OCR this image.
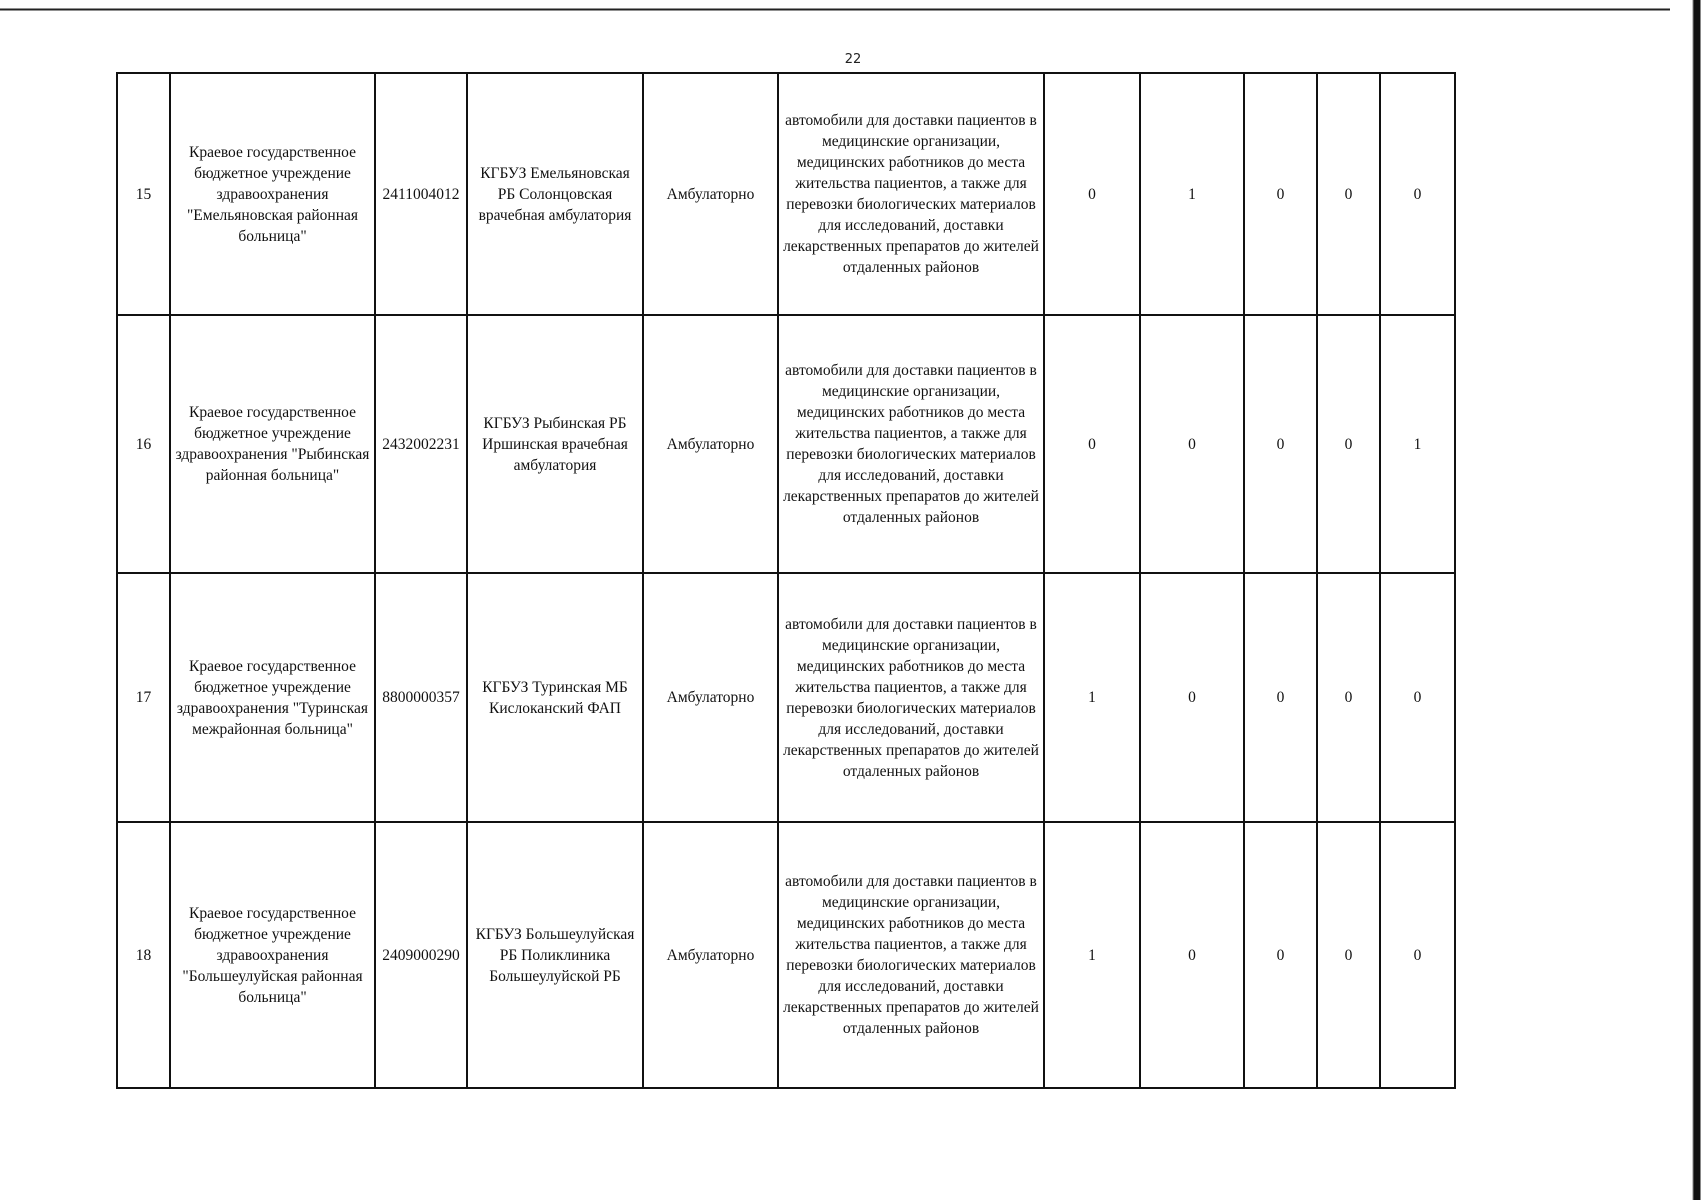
22
15	Краевое государственное бюджетное учреждение здравоохранения "Емельяновская районная больница"	2411004012	КГБУЗ Емельяновская РБ Солонцовская врачебная амбулатория	Амбулаторно	автомобили для доставки пациентов в медицинские организации, медицинских работников до места жительства пациентов, а также для перевозки биологических материалов для исследований, доставки лекарственных препаратов до жителей отдаленных районов	0	1	0	0	0
16	Краевое государственное бюджетное учреждение здравоохранения "Рыбинская районная больница"	2432002231	КГБУЗ Рыбинская РБ Иршинская врачебная амбулатория	Амбулаторно	автомобили для доставки пациентов в медицинские организации, медицинских работников до места жительства пациентов, а также для перевозки биологических материалов для исследований, доставки лекарственных препаратов до жителей отдаленных районов	0	0	0	0	1
17	Краевое государственное бюджетное учреждение здравоохранения "Туринская межрайонная больница"	8800000357	КГБУЗ Туринская МБ Кислоканский ФАП	Амбулаторно	автомобили для доставки пациентов в медицинские организации, медицинских работников до места жительства пациентов, а также для перевозки биологических материалов для исследований, доставки лекарственных препаратов до жителей отдаленных районов	1	0	0	0	0
18	Краевое государственное бюджетное учреждение здравоохранения "Большеулуйская районная больница"	2409000290	КГБУЗ Большеулуйская РБ Поликлиника Большеулуйской РБ	Амбулаторно	автомобили для доставки пациентов в медицинские организации, медицинских работников до места жительства пациентов, а также для перевозки биологических материалов для исследований, доставки лекарственных препаратов до жителей отдаленных районов	1	0	0	0	0
